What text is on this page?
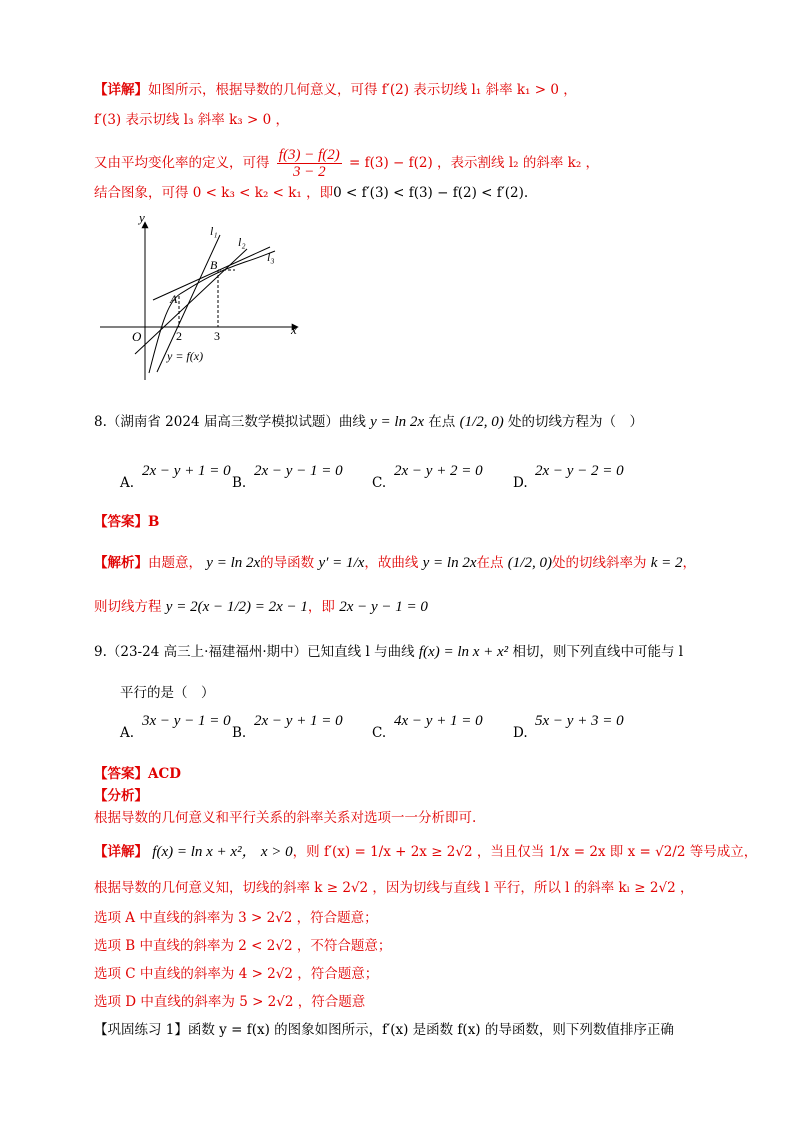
【详解】如图所示，根据导数的几何意义，可得 f′(2) 表示切线 l₁ 斜率 k₁ > 0 ，
f′(3) 表示切线 l₃ 斜率 k₃ > 0 ，
又由平均变化率的定义，可得 $\frac{f(3) - f(2)}{3 - 2} = f(3) - f(2)$ ，表示割线 l₂ 的斜率 k₂ ，
结合图象，可得 0 < k₃ < k₂ < k₁ ，即0 < f′(3) < f(3) − f(2) < f′(2).
y
x
O
A
B
2	3
l₁
l₂
l₃
y = f(x)
8.（湖南省 2024 届高三数学模拟试题）曲线 y = ln 2x 在点 (1/2, 0) 处的切线方程为（　）
A.
2x − y + 1 = 0
B.
2x − y − 1 = 0
C.
2x − y + 2 = 0
D.
2x − y − 2 = 0
【答案】B
【解析】由题意， y = ln 2x的导函数 y′ = 1/x，故曲线 y = ln 2x在点 (1/2, 0)处的切线斜率为 k = 2，
则切线方程 y = 2(x − 1/2) = 2x − 1，即 2x − y − 1 = 0
9.（23-24 高三上·福建福州·期中）已知直线 l 与曲线 f(x) = ln x + x² 相切，则下列直线中可能与 l
平行的是（　）
A.
3x − y − 1 = 0
B.
2x − y + 1 = 0
C.
4x − y + 1 = 0
D.
5x − y + 3 = 0
【答案】ACD
【分析】
根据导数的几何意义和平行关系的斜率关系对选项一一分析即可.
【详解】 f(x) = ln x + x²， x > 0，则 f′(x) = 1/x + 2x ≥ 2√2 ，当且仅当 1/x = 2x 即 x = √2/2 等号成立，
根据导数的几何意义知，切线的斜率 k ≥ 2√2 ，因为切线与直线 l 平行，所以 l 的斜率 kₗ ≥ 2√2 ，
选项 A 中直线的斜率为 3 > 2√2 ，符合题意；
选项 B 中直线的斜率为 2 < 2√2 ，不符合题意；
选项 C 中直线的斜率为 4 > 2√2 ，符合题意；
选项 D 中直线的斜率为 5 > 2√2 ，符合题意
【巩固练习 1】函数 y = f(x) 的图象如图所示，f′(x) 是函数 f(x) 的导函数，则下列数值排序正确
